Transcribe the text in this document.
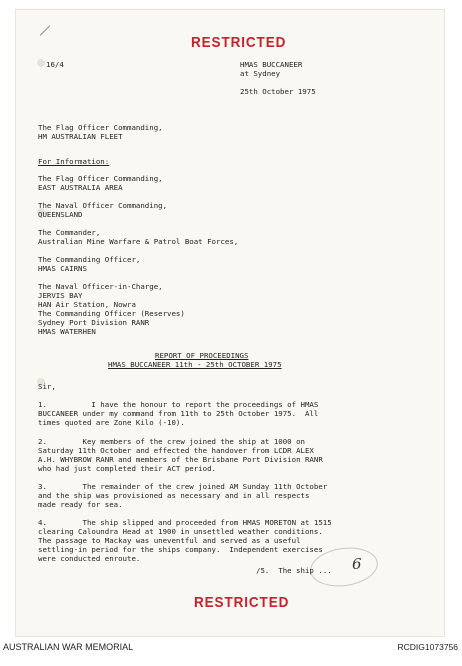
RESTRICTED
16/4	HMAS BUCCANEER
at Sydney
25th October 1975
The Flag Officer Commanding,
HM AUSTRALIAN FLEET
For Information:
The Flag Officer Commanding,
EAST AUSTRALIA AREA
The Naval Officer Commanding,
QUEENSLAND
The Commander,
Australian Mine Warfare & Patrol Boat Forces,
The Commanding Officer,
HMAS CAIRNS
The Naval Officer-in-Charge,
JERVIS BAY
HAN Air Station, Nowra
The Commanding Officer (Reserves)
Sydney Port Division RANR
HMAS WATERHEN
REPORT OF PROCEEDINGS
HMAS BUCCANEER 11th - 25th OCTOBER 1975
Sir,
1.          I have the honour to report the proceedings of HMAS
BUCCANEER under my command from 11th to 25th October 1975.  All
times quoted are Zone Kilo (-10).
2.        Key members of the crew joined the ship at 1000 on
Saturday 11th October and effected the handover from LCDR ALEX
A.H. WHYBROW RANR and members of the Brisbane Port Division RANR
who had just completed their ACT period.
3.        The remainder of the crew joined AM Sunday 11th October
and the ship was provisioned as necessary and in all respects
made ready for sea.
4.        The ship slipped and proceeded from HMAS MORETON at 1515
clearing Caloundra Head at 1900 in unsettled weather conditions.
The passage to Mackay was uneventful and served as a useful
settling-in period for the ships company.  Independent exercises
were conducted enroute.
/5.  The ship ... 6
RESTRICTED
AUSTRALIAN WAR MEMORIAL	RCDIG1073756
